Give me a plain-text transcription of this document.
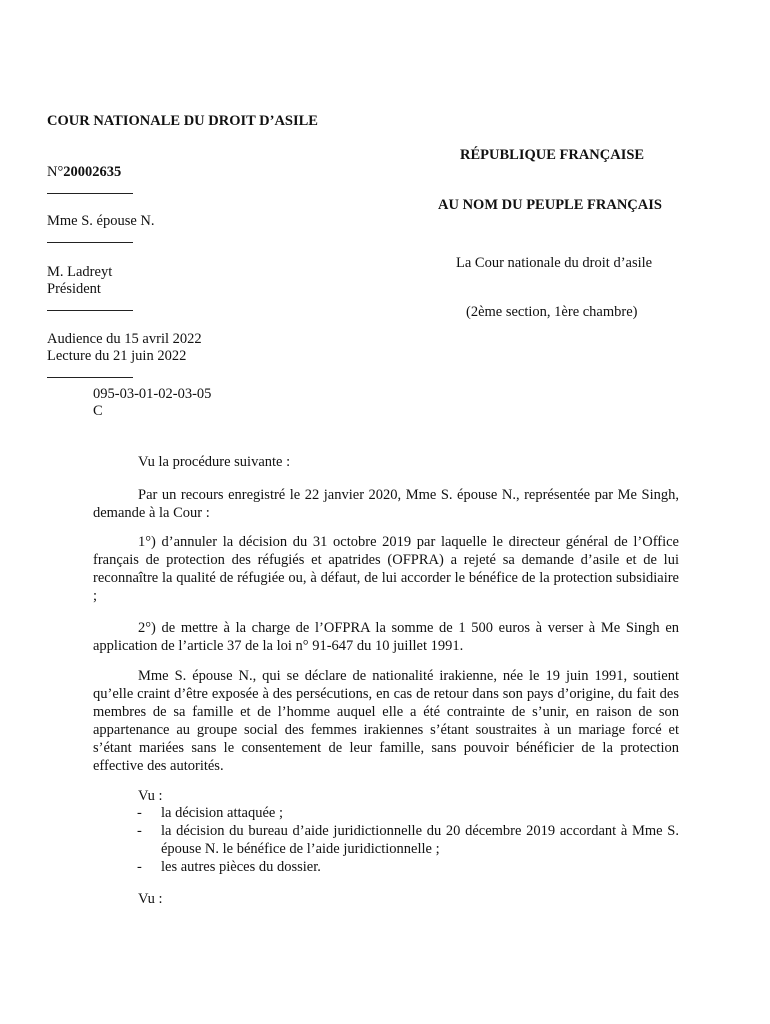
COUR NATIONALE DU DROIT D’ASILE
N°20002635
Mme S. épouse N.
M. Ladreyt
Président
Audience du 15 avril 2022
Lecture du 21 juin 2022
095-03-01-02-03-05
C
RÉPUBLIQUE FRANÇAISE
AU NOM DU PEUPLE FRANÇAIS
La Cour nationale du droit d’asile
(2ème section, 1ère chambre)
Vu la procédure suivante :
Par un recours enregistré le 22 janvier 2020, Mme S. épouse N., représentée par Me Singh, demande à la Cour :
1°) d’annuler la décision du 31 octobre 2019 par laquelle le directeur général de l’Office français de protection des réfugiés et apatrides (OFPRA) a rejeté sa demande d’asile et de lui reconnaître la qualité de réfugiée ou, à défaut, de lui accorder le bénéfice de la protection subsidiaire ;
2°) de mettre à la charge de l’OFPRA la somme de 1 500 euros à verser à Me Singh en application de l’article 37 de la loi n° 91-647 du 10 juillet 1991.
Mme S. épouse N., qui se déclare de nationalité irakienne, née le 19 juin 1991, soutient qu’elle craint d’être exposée à des persécutions, en cas de retour dans son pays d’origine, du fait des membres de sa famille et de l’homme auquel elle a été contrainte de s’unir, en raison de son appartenance au groupe social des femmes irakiennes s’étant soustraites à un mariage forcé et s’étant mariées sans le consentement de leur famille, sans pouvoir bénéficier de la protection effective des autorités.
Vu :
- la décision attaquée ;
- la décision du bureau d’aide juridictionnelle du 20 décembre 2019 accordant à Mme S. épouse N. le bénéfice de l’aide juridictionnelle ;
- les autres pièces du dossier.
Vu :
